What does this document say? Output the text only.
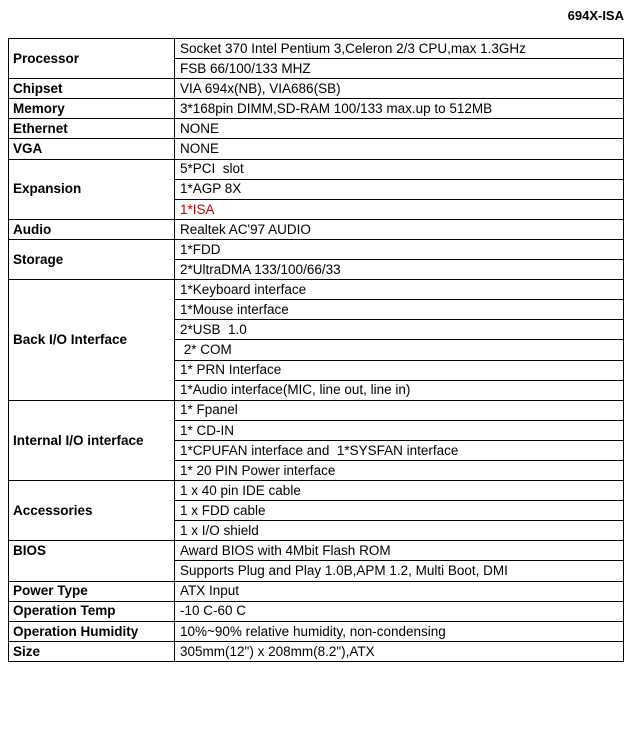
694X-ISA
Processor	Socket 370 Intel Pentium 3,Celeron 2/3 CPU,max 1.3GHz
	FSB 66/100/133 MHZ
Chipset	VIA 694x(NB), VIA686(SB)
Memory	3*168pin DIMM,SD-RAM 100/133 max.up to 512MB
Ethernet	NONE
VGA	NONE
Expansion	5*PCI  slot
	1*AGP 8X
	1*ISA
Audio	Realtek AC'97 AUDIO
Storage	1*FDD
	2*UltraDMA 133/100/66/33
Back I/O Interface	1*Keyboard interface
	1*Mouse interface
	2*USB  1.0
	2* COM
	1* PRN Interface
	1*Audio interface(MIC, line out, line in)
Internal I/O interface	1* Fpanel
	1* CD-IN
	1*CPUFAN interface and  1*SYSFAN interface
	1* 20 PIN Power interface
Accessories	1 x 40 pin IDE cable
	1 x FDD cable
	1 x I/O shield
BIOS	Award BIOS with 4Mbit Flash ROM
	Supports Plug and Play 1.0B,APM 1.2, Multi Boot, DMI
Power Type	ATX Input
Operation Temp	-10 C-60 C
Operation Humidity	10%~90% relative humidity, non-condensing
Size	305mm(12") x 208mm(8.2"),ATX
